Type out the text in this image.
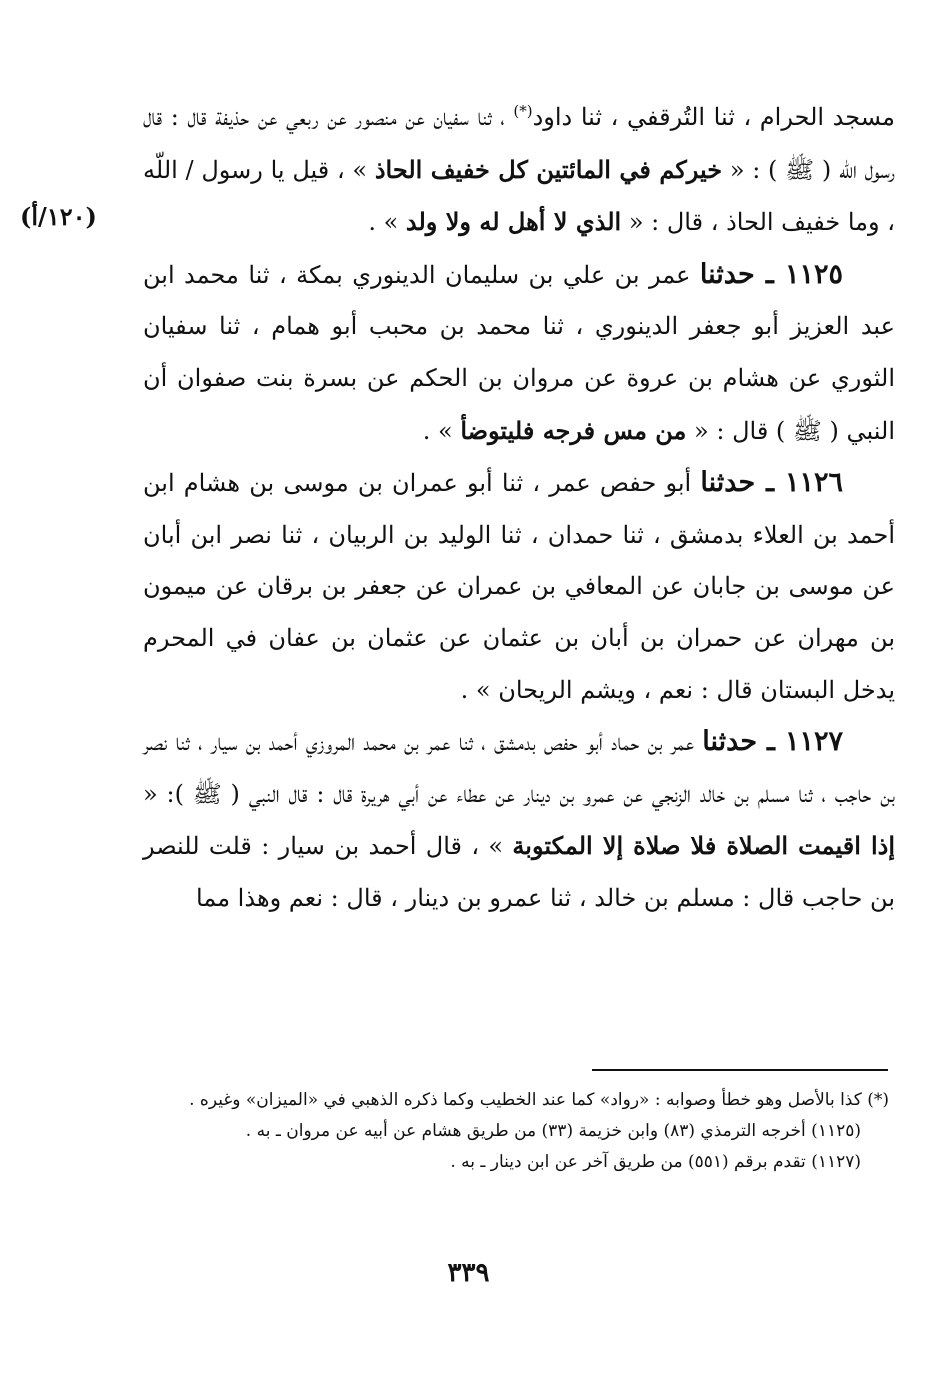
مسجد الحرام ، ثنا التُرقفي ، ثنا داود(*) ، ثنا سفيان عن منصور عن ربعي عن حذيفة قال : قال رسول اللّه ( ﷺ ) : « خيركم في المائتين كل خفيف الحاذ » ، قيل يا رسول / اللّه ، وما خفيف الحاذ ، قال : « الذي لا أهل له ولا ولد » .

١١٢٥ ـ حدثنا عمر بن علي بن سليمان الدينوري بمكة ، ثنا محمد ابن عبد العزيز أبو جعفر الدينوري ، ثنا محمد بن محبب أبو همام ، ثنا سفيان الثوري عن هشام بن عروة عن مروان بن الحكم عن بسرة بنت صفوان أن النبي ( ﷺ ) قال : « من مس فرجه فليتوضأ » .

١١٢٦ ـ حدثنا أبو حفص عمر ، ثنا أبو عمران بن موسى بن هشام ابن أحمد بن العلاء بدمشق ، ثنا حمدان ، ثنا الوليد بن الربيان ، ثنا نصر ابن أبان عن موسى بن جابان عن المعافي بن عمران عن جعفر بن برقان عن ميمون بن مهران عن حمران بن أبان بن عثمان عن عثمان بن عفان في المحرم يدخل البستان قال : نعم ، ويشم الريحان » .

١١٢٧ ـ حدثنا عمر بن حماد أبو حفص بدمشق ، ثنا عمر بن محمد المروزي أحمد بن سيار ، ثنا نصر بن حاجب ، ثنا مسلم بن خالد الزنجي عن عمرو بن دينار عن عطاء عن أبي هريرة قال : قال النبي ( ﷺ ): « إذا اقيمت الصلاة فلا صلاة إلا المكتوبة » ، قال أحمد بن سيار : قلت للنصر بن حاجب قال : مسلم بن خالد ، ثنا عمرو بن دينار ، قال : نعم وهذا مما

(١٢٠/أ)

(*) كذا بالأصل وهو خطأ وصوابه : «رواد» كما عند الخطيب وكما ذكره الذهبي في «الميزان» وغيره .

(١١٢٥) أخرجه الترمذي (٨٣) وابن خزيمة (٣٣) من طريق هشام عن أبيه عن مروان ـ به .

(١١٢٧) تقدم برقم (٥٥١) من طريق آخر عن ابن دينار ـ به .

٣٣٩
